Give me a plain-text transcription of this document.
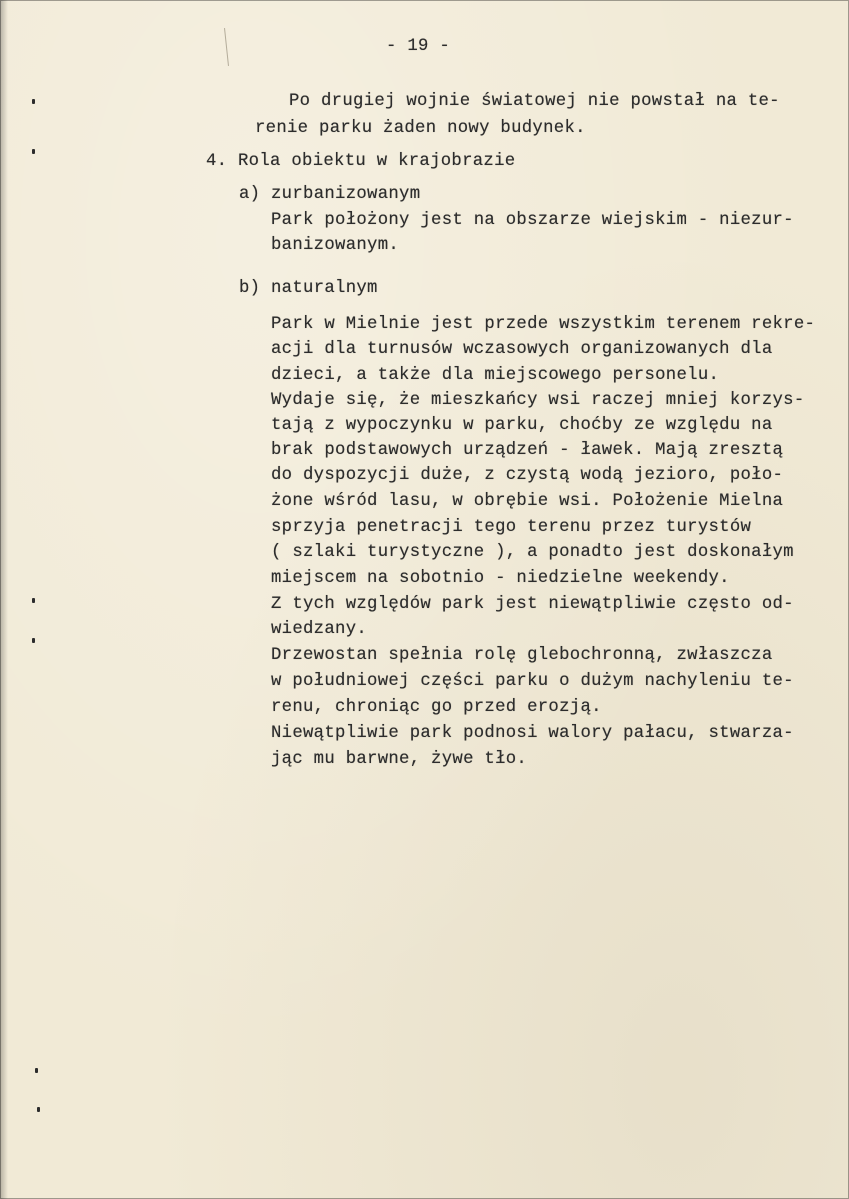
- 19 -
Po drugiej wojnie światowej nie powstał na te-
renie parku żaden nowy budynek.
4. Rola obiektu w krajobrazie
a) zurbanizowanym
Park położony jest na obszarze wiejskim - niezur-
banizowanym.
b) naturalnym
Park w Mielnie jest przede wszystkim terenem rekre-
acji dla turnusów wczasowych organizowanych dla
dzieci, a także dla miejscowego personelu.
Wydaje się, że mieszkańcy wsi raczej mniej korzys-
tają z wypoczynku w parku, choćby ze względu na
brak podstawowych urządzeń - ławek. Mają zresztą
do dyspozycji duże, z czystą wodą jezioro, poło-
żone wśród lasu, w obrębie wsi. Położenie Mielna
sprzyja penetracji tego terenu przez turystów
( szlaki turystyczne ), a ponadto jest doskonałym
miejscem na sobotnio - niedzielne weekendy.
Z tych względów park jest niewątpliwie często od-
wiedzany.
Drzewostan spełnia rolę glebochronną, zwłaszcza
w południowej części parku o dużym nachyleniu te-
renu, chroniąc go przed erozją.
Niewątpliwie park podnosi walory pałacu, stwarza-
jąc mu barwne, żywe tło.
